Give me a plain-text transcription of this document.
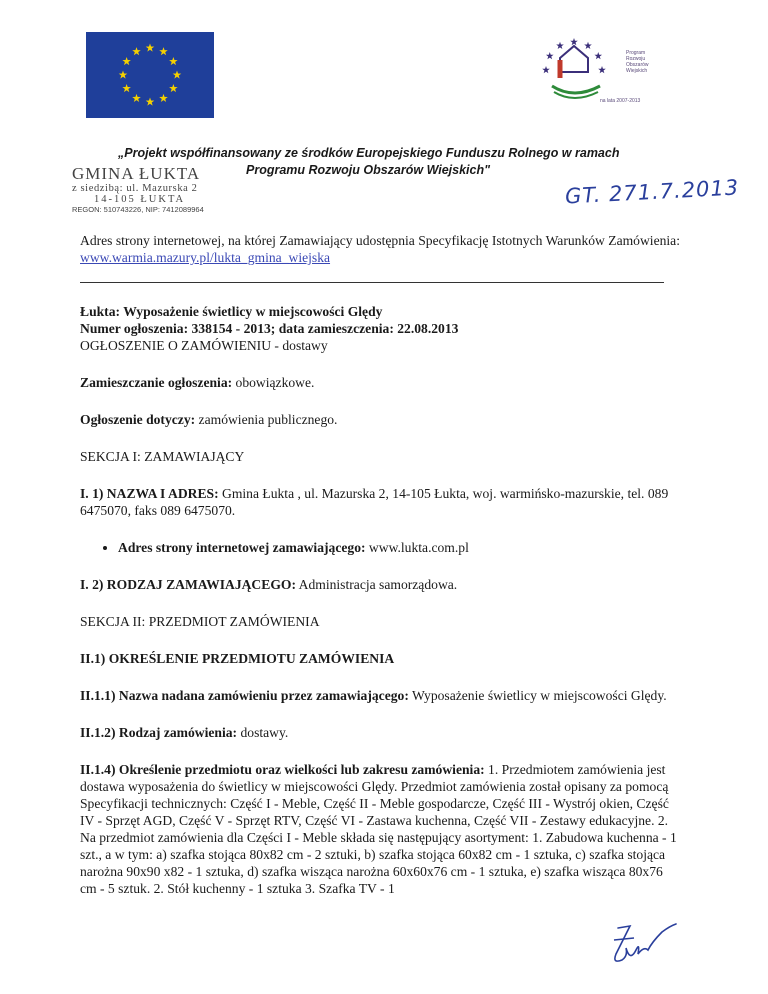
Program
Rozwoju
Obszarów
Wiejskich
na lata 2007-2013
„Projekt współfinansowany ze środków Europejskiego Funduszu Rolnego w ramach
Programu Rozwoju Obszarów Wiejskich"
GMINA ŁUKTA
z siedzibą: ul. Mazurska 2
14-105 ŁUKTA
REGON: 510743226, NIP: 7412089964
GT. 271.7.2013

Adres strony internetowej, na której Zamawiający udostępnia Specyfikację Istotnych Warunków Zamówienia:

www.warmia.mazury.pl/lukta_gmina_wiejska

Łukta: Wyposażenie świetlicy w miejscowości Ględy

Numer ogłoszenia: 338154 - 2013; data zamieszczenia: 22.08.2013

OGŁOSZENIE O ZAMÓWIENIU - dostawy

Zamieszczanie ogłoszenia: obowiązkowe.

Ogłoszenie dotyczy: zamówienia publicznego.

SEKCJA I: ZAMAWIAJĄCY

I. 1) NAZWA I ADRES: Gmina Łukta , ul. Mazurska 2, 14-105 Łukta, woj. warmińsko-mazurskie, tel. 089 6475070, faks 089 6475070.

• Adres strony internetowej zamawiającego: www.lukta.com.pl

I. 2) RODZAJ ZAMAWIAJĄCEGO: Administracja samorządowa.

SEKCJA II: PRZEDMIOT ZAMÓWIENIA

II.1) OKREŚLENIE PRZEDMIOTU ZAMÓWIENIA

II.1.1) Nazwa nadana zamówieniu przez zamawiającego: Wyposażenie świetlicy w miejscowości Ględy.

II.1.2) Rodzaj zamówienia: dostawy.

II.1.4) Określenie przedmiotu oraz wielkości lub zakresu zamówienia: 1. Przedmiotem zamówienia jest dostawa wyposażenia do świetlicy w miejscowości Ględy. Przedmiot zamówienia został opisany za pomocą Specyfikacji technicznych: Część I - Meble, Część II - Meble gospodarcze, Część III - Wystrój okien, Część IV - Sprzęt AGD, Część V - Sprzęt RTV, Część VI - Zastawa kuchenna, Część VII - Zestawy edukacyjne. 2. Na przedmiot zamówienia dla Części I - Meble składa się następujący asortyment: 1. Zabudowa kuchenna - 1 szt., a w tym: a) szafka stojąca 80x82 cm - 2 sztuki, b) szafka stojąca 60x82 cm - 1 sztuka, c) szafka stojąca narożna 90x90 x82 - 1 sztuka, d) szafka wisząca narożna 60x60x76 cm - 1 sztuka, e) szafka wisząca 80x76 cm - 5 sztuk. 2. Stół kuchenny - 1 sztuka 3. Szafka TV - 1
